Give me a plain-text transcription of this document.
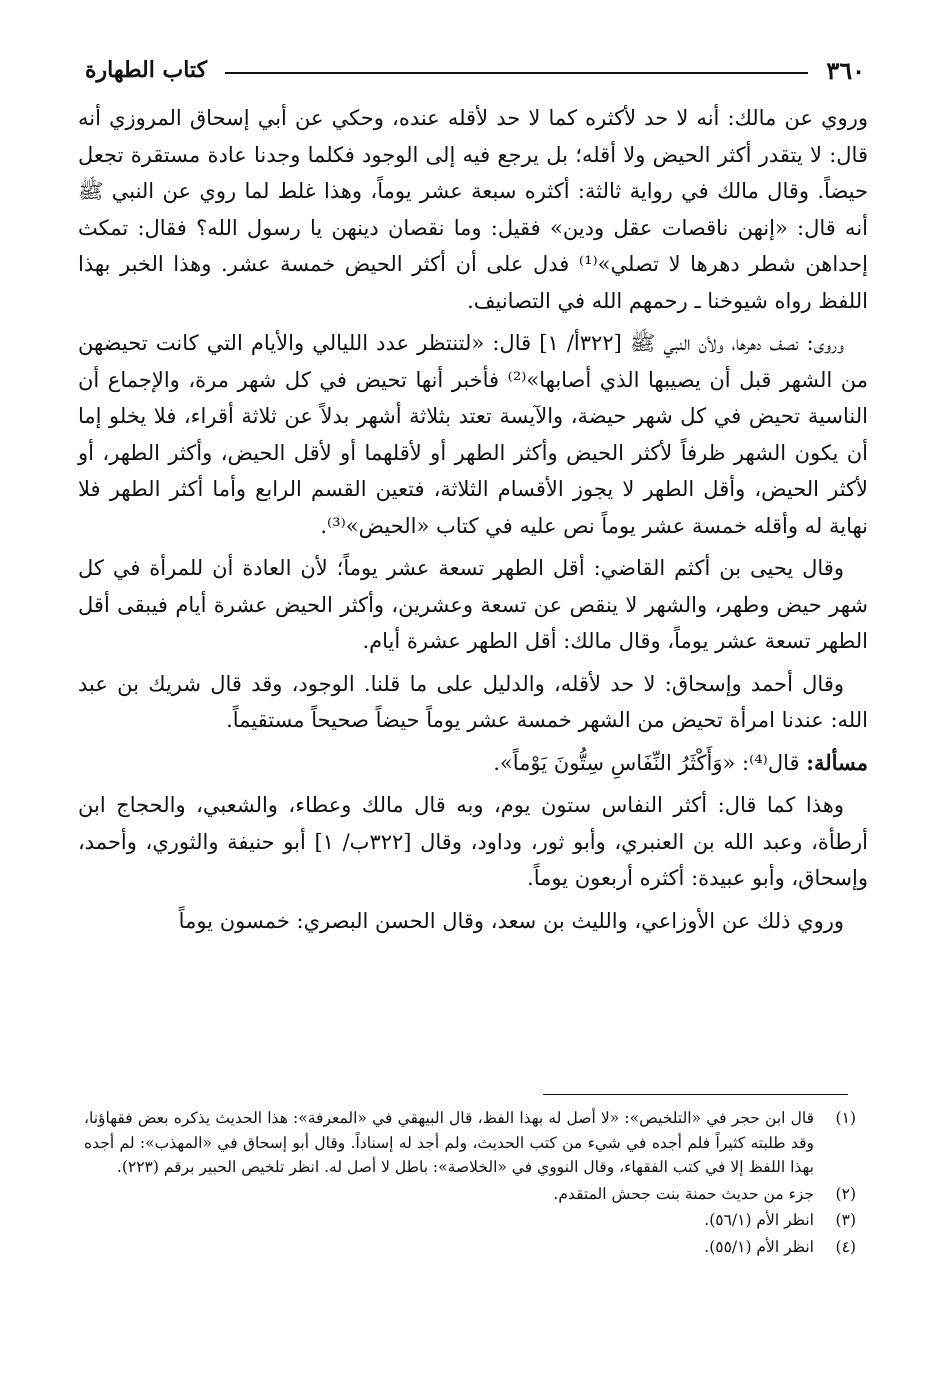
٣٦٠
كتاب الطهارة

وروي عن مالك: أنه لا حد لأكثره كما لا حد لأقله عنده، وحكي عن أبي إسحاق المروزي أنه قال: لا يتقدر أكثر الحيض ولا أقله؛ بل يرجع فيه إلى الوجود فكلما وجدنا عادة مستقرة تجعل حيضاً. وقال مالك في رواية ثالثة: أكثره سبعة عشر يوماً، وهذا غلط لما روي عن النبي ﷺ أنه قال: «إنهن ناقصات عقل ودين» فقيل: وما نقصان دينهن يا رسول الله؟ فقال: تمكث إحداهن شطر دهرها لا تصلي»⁽¹⁾ فدل على أن أكثر الحيض خمسة عشر. وهذا الخبر بهذا اللفظ رواه شيوخنا ـ رحمهم الله في التصانيف.

وروى: نصف دهرها، ولأن النبي ﷺ [٣٢٢أ/ ١] قال: «لتنتظر عدد الليالي والأيام التي كانت تحيضهن من الشهر قبل أن يصيبها الذي أصابها»⁽²⁾ فأخبر أنها تحيض في كل شهر مرة، والإجماع أن الناسية تحيض في كل شهر حيضة، والآيسة تعتد بثلاثة أشهر بدلاً عن ثلاثة أقراء، فلا يخلو إما أن يكون الشهر ظرفاً لأكثر الحيض وأكثر الطهر أو لأقلهما أو لأقل الحيض، وأكثر الطهر، أو لأكثر الحيض، وأقل الطهر لا يجوز الأقسام الثلاثة، فتعين القسم الرابع وأما أكثر الطهر فلا نهاية له وأقله خمسة عشر يوماً نص عليه في كتاب «الحيض»⁽³⁾.

وقال يحيى بن أكثم القاضي: أقل الطهر تسعة عشر يوماً؛ لأن العادة أن للمرأة في كل شهر حيض وطهر، والشهر لا ينقص عن تسعة وعشرين، وأكثر الحيض عشرة أيام فيبقى أقل الطهر تسعة عشر يوماً، وقال مالك: أقل الطهر عشرة أيام.

وقال أحمد وإسحاق: لا حد لأقله، والدليل على ما قلنا. الوجود، وقد قال شريك بن عبد الله: عندنا امرأة تحيض من الشهر خمسة عشر يوماً حيضاً صحيحاً مستقيماً.

مسألة: قال⁽⁴⁾: «وَأَكْثَرُ النِّفَاسِ سِتُّونَ يَوْماً».

وهذا كما قال: أكثر النفاس ستون يوم، وبه قال مالك وعطاء، والشعبي، والحجاج ابن أرطأة، وعبد الله بن العنبري، وأبو ثور، وداود، وقال [٣٢٢ب/ ١] أبو حنيفة والثوري، وأحمد، وإسحاق، وأبو عبيدة: أكثره أربعون يوماً.

وروي ذلك عن الأوزاعي، والليث بن سعد، وقال الحسن البصري: خمسون يوماً

(١)
قال ابن حجر في «التلخيص»: «لا أصل له بهذا الفظ، قال البيهقي في «المعرفة»: هذا الحديث يذكره بعض فقهاؤنا، وقد طلبته كثيراً فلم أجده في شيء من كتب الحديث، ولم أجد له إسناداً. وقال أبو إسحاق في «المهذب»: لم أجده بهذا اللفظ إلا في كتب الفقهاء، وقال النووي في «الخلاصة»: باطل لا أصل له. انظر تلخيص الحبير برقم (٢٢٣).
(٢)
جزء من حديث حمنة بنت جحش المتقدم.
(٣)
انظر الأم (٥٦/١).
(٤)
انظر الأم (٥٥/١).
